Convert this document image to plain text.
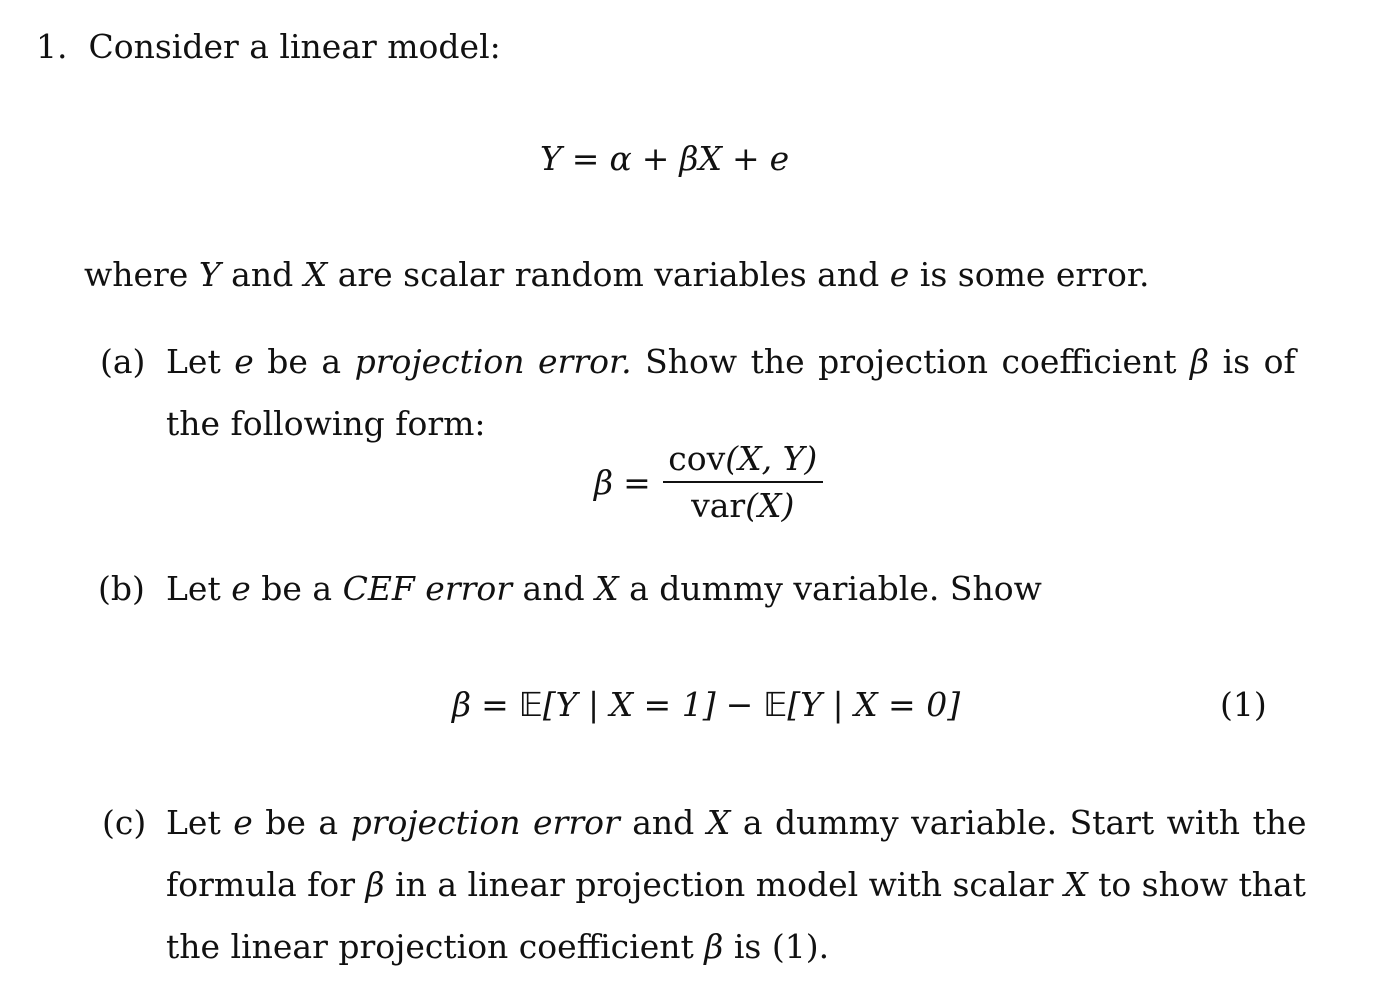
1. Consider a linear model:
Y = α + βX + e
where Y and X are scalar random variables and e is some error.
(a) Let e be a projection error. Show the projection coefficient β is of
the following form:
$\beta = \frac{\text{cov(X, Y)}}{\text{var(X)}}$
(b) Let e be a CEF error and X a dummy variable. Show
β = 𝔼[Y | X = 1] − 𝔼[Y | X = 0]	(1)
(c) Let e be a projection error and X a dummy variable. Start with the
formula for β in a linear projection model with scalar X to show that
the linear projection coefficient β is (1).
